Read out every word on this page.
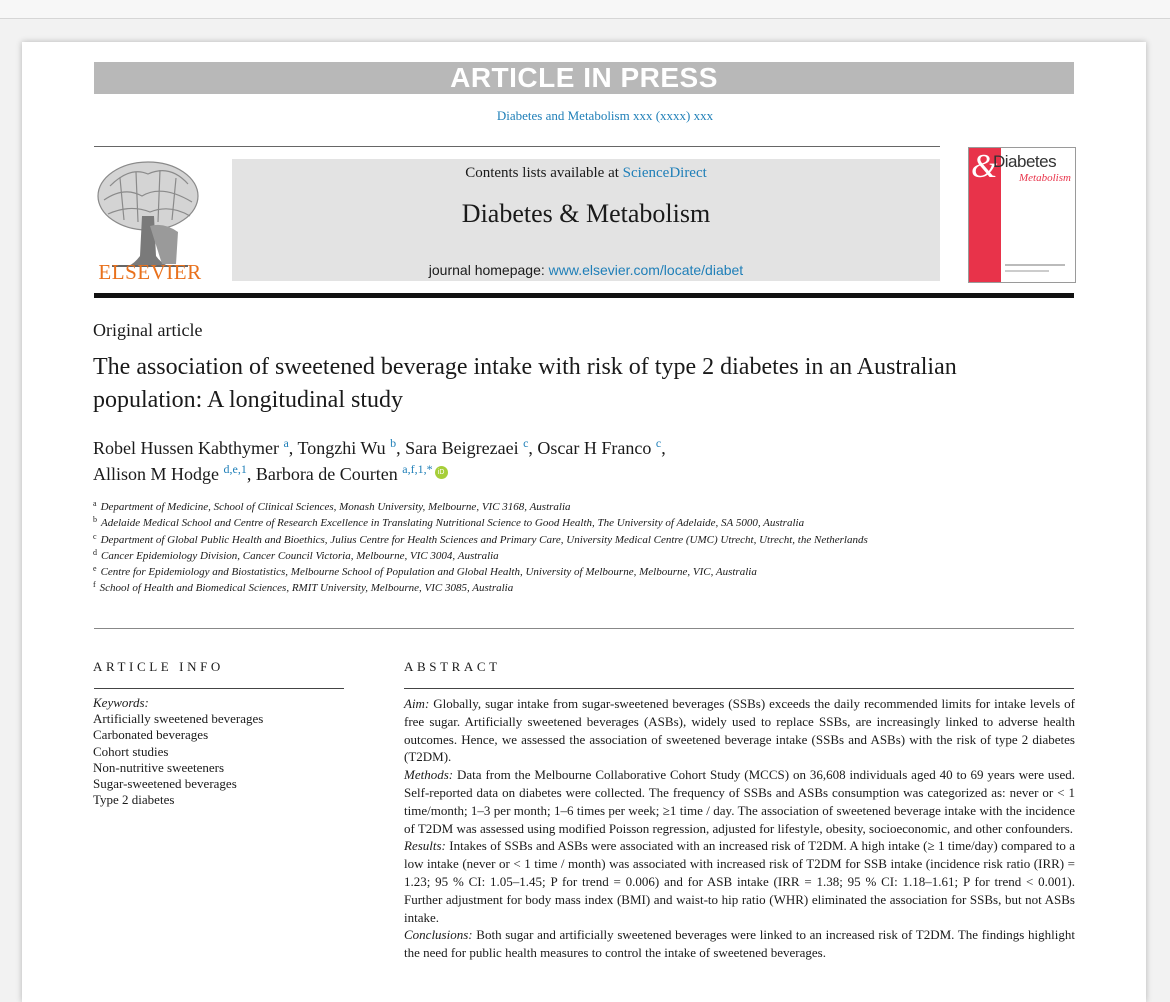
ARTICLE IN PRESS
Diabetes and Metabolism xxx (xxxx) xxx
ELSEVIER
Contents lists available at ScienceDirect
Diabetes & Metabolism
journal homepage: www.elsevier.com/locate/diabet
&
Diabetes
Metabolism
Original article
The association of sweetened beverage intake with risk of type 2 diabetes in an Australian population: A longitudinal study
Robel Hussen Kabthymer $^a$, Tongzhi Wu $^b$, Sara Beigrezaei $^c$, Oscar H Franco $^c$,
Allison M Hodge $^{d,e,1}$, Barbora de Courten $^{a,f,1,*}$ iD
$^a$ Department of Medicine, School of Clinical Sciences, Monash University, Melbourne, VIC 3168, Australia
$^b$ Adelaide Medical School and Centre of Research Excellence in Translating Nutritional Science to Good Health, The University of Adelaide, SA 5000, Australia
$^c$ Department of Global Public Health and Bioethics, Julius Centre for Health Sciences and Primary Care, University Medical Centre (UMC) Utrecht, Utrecht, the Netherlands
$^d$ Cancer Epidemiology Division, Cancer Council Victoria, Melbourne, VIC 3004, Australia
$^e$ Centre for Epidemiology and Biostatistics, Melbourne School of Population and Global Health, University of Melbourne, Melbourne, VIC, Australia
$^f$ School of Health and Biomedical Sciences, RMIT University, Melbourne, VIC 3085, Australia
ARTICLE INFO
Keywords:
Artificially sweetened beverages
Carbonated beverages
Cohort studies
Non-nutritive sweeteners
Sugar-sweetened beverages
Type 2 diabetes
ABSTRACT

Aim: Globally, sugar intake from sugar-sweetened beverages (SSBs) exceeds the daily recommended limits for intake levels of free sugar. Artificially sweetened beverages (ASBs), widely used to replace SSBs, are increasingly linked to adverse health outcomes. Hence, we assessed the association of sweetened beverage intake (SSBs and ASBs) with the risk of type 2 diabetes (T2DM).

Methods: Data from the Melbourne Collaborative Cohort Study (MCCS) on 36,608 individuals aged 40 to 69 years were used. Self-reported data on diabetes were collected. The frequency of SSBs and ASBs consumption was categorized as: never or < 1 time/month; 1–3 per month; 1–6 times per week; ≥1 time / day. The association of sweetened beverage intake with the incidence of T2DM was assessed using modified Poisson regression, adjusted for lifestyle, obesity, socioeconomic, and other confounders.

Results: Intakes of SSBs and ASBs were associated with an increased risk of T2DM. A high intake (≥ 1 time/day) compared to a low intake (never or < 1 time / month) was associated with increased risk of T2DM for SSB intake (incidence risk ratio (IRR) = 1.23; 95 % CI: 1.05–1.45; P for trend = 0.006) and for ASB intake (IRR = 1.38; 95 % CI: 1.18–1.61; P for trend < 0.001). Further adjustment for body mass index (BMI) and waist-to hip ratio (WHR) eliminated the association for SSBs, but not ASBs intake.

Conclusions: Both sugar and artificially sweetened beverages were linked to an increased risk of T2DM. The findings highlight the need for public health measures to control the intake of sweetened beverages.
